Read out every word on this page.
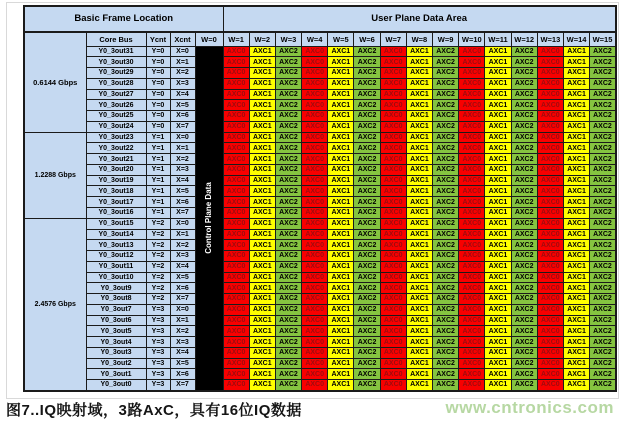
Basic Frame Location					User Plane Data Area														
0.6144 Gbps	Core Bus	Ycnt	Xcnt	W=0	W=1	W=2	W=3	W=4	W=5	W=6	W=7	W=8	W=9	W=10	W=11	W=12	W=13	W=14	W=15
	Y0_3out31	Y=0	X=0	Control Plane Data	AXC0	AXC1	AXC2	AXC0	AXC1	AXC2	AXC0	AXC1	AXC2	AXC0	AXC1	AXC2	AXC0	AXC1	AXC2
	Y0_3out30	Y=0	X=1		AXC0	AXC1	AXC2	AXC0	AXC1	AXC2	AXC0	AXC1	AXC2	AXC0	AXC1	AXC2	AXC0	AXC1	AXC2
	Y0_3out29	Y=0	X=2		AXC0	AXC1	AXC2	AXC0	AXC1	AXC2	AXC0	AXC1	AXC2	AXC0	AXC1	AXC2	AXC0	AXC1	AXC2
	Y0_3out28	Y=0	X=3		AXC0	AXC1	AXC2	AXC0	AXC1	AXC2	AXC0	AXC1	AXC2	AXC0	AXC1	AXC2	AXC0	AXC1	AXC2
	Y0_3out27	Y=0	X=4		AXC0	AXC1	AXC2	AXC0	AXC1	AXC2	AXC0	AXC1	AXC2	AXC0	AXC1	AXC2	AXC0	AXC1	AXC2
	Y0_3out26	Y=0	X=5		AXC0	AXC1	AXC2	AXC0	AXC1	AXC2	AXC0	AXC1	AXC2	AXC0	AXC1	AXC2	AXC0	AXC1	AXC2
	Y0_3out25	Y=0	X=6		AXC0	AXC1	AXC2	AXC0	AXC1	AXC2	AXC0	AXC1	AXC2	AXC0	AXC1	AXC2	AXC0	AXC1	AXC2
	Y0_3out24	Y=0	X=7		AXC0	AXC1	AXC2	AXC0	AXC1	AXC2	AXC0	AXC1	AXC2	AXC0	AXC1	AXC2	AXC0	AXC1	AXC2
1.2288 Gbps	Y0_3out23	Y=1	X=0		AXC0	AXC1	AXC2	AXC0	AXC1	AXC2	AXC0	AXC1	AXC2	AXC0	AXC1	AXC2	AXC0	AXC1	AXC2
	Y0_3out22	Y=1	X=1		AXC0	AXC1	AXC2	AXC0	AXC1	AXC2	AXC0	AXC1	AXC2	AXC0	AXC1	AXC2	AXC0	AXC1	AXC2
	Y0_3out21	Y=1	X=2		AXC0	AXC1	AXC2	AXC0	AXC1	AXC2	AXC0	AXC1	AXC2	AXC0	AXC1	AXC2	AXC0	AXC1	AXC2
	Y0_3out20	Y=1	X=3		AXC0	AXC1	AXC2	AXC0	AXC1	AXC2	AXC0	AXC1	AXC2	AXC0	AXC1	AXC2	AXC0	AXC1	AXC2
	Y0_3out19	Y=1	X=4		AXC0	AXC1	AXC2	AXC0	AXC1	AXC2	AXC0	AXC1	AXC2	AXC0	AXC1	AXC2	AXC0	AXC1	AXC2
	Y0_3out18	Y=1	X=5		AXC0	AXC1	AXC2	AXC0	AXC1	AXC2	AXC0	AXC1	AXC2	AXC0	AXC1	AXC2	AXC0	AXC1	AXC2
	Y0_3out17	Y=1	X=6		AXC0	AXC1	AXC2	AXC0	AXC1	AXC2	AXC0	AXC1	AXC2	AXC0	AXC1	AXC2	AXC0	AXC1	AXC2
	Y0_3out16	Y=1	X=7		AXC0	AXC1	AXC2	AXC0	AXC1	AXC2	AXC0	AXC1	AXC2	AXC0	AXC1	AXC2	AXC0	AXC1	AXC2
2.4576 Gbps	Y0_3out15	Y=2	X=0		AXC0	AXC1	AXC2	AXC0	AXC1	AXC2	AXC0	AXC1	AXC2	AXC0	AXC1	AXC2	AXC0	AXC1	AXC2
	Y0_3out14	Y=2	X=1		AXC0	AXC1	AXC2	AXC0	AXC1	AXC2	AXC0	AXC1	AXC2	AXC0	AXC1	AXC2	AXC0	AXC1	AXC2
	Y0_3out13	Y=2	X=2		AXC0	AXC1	AXC2	AXC0	AXC1	AXC2	AXC0	AXC1	AXC2	AXC0	AXC1	AXC2	AXC0	AXC1	AXC2
	Y0_3out12	Y=2	X=3		AXC0	AXC1	AXC2	AXC0	AXC1	AXC2	AXC0	AXC1	AXC2	AXC0	AXC1	AXC2	AXC0	AXC1	AXC2
	Y0_3out11	Y=2	X=4		AXC0	AXC1	AXC2	AXC0	AXC1	AXC2	AXC0	AXC1	AXC2	AXC0	AXC1	AXC2	AXC0	AXC1	AXC2
	Y0_3out10	Y=2	X=5		AXC0	AXC1	AXC2	AXC0	AXC1	AXC2	AXC0	AXC1	AXC2	AXC0	AXC1	AXC2	AXC0	AXC1	AXC2
	Y0_3out9	Y=2	X=6		AXC0	AXC1	AXC2	AXC0	AXC1	AXC2	AXC0	AXC1	AXC2	AXC0	AXC1	AXC2	AXC0	AXC1	AXC2
	Y0_3out8	Y=2	X=7		AXC0	AXC1	AXC2	AXC0	AXC1	AXC2	AXC0	AXC1	AXC2	AXC0	AXC1	AXC2	AXC0	AXC1	AXC2
	Y0_3out7	Y=3	X=0		AXC0	AXC1	AXC2	AXC0	AXC1	AXC2	AXC0	AXC1	AXC2	AXC0	AXC1	AXC2	AXC0	AXC1	AXC2
	Y0_3out6	Y=3	X=1		AXC0	AXC1	AXC2	AXC0	AXC1	AXC2	AXC0	AXC1	AXC2	AXC0	AXC1	AXC2	AXC0	AXC1	AXC2
	Y0_3out5	Y=3	X=2		AXC0	AXC1	AXC2	AXC0	AXC1	AXC2	AXC0	AXC1	AXC2	AXC0	AXC1	AXC2	AXC0	AXC1	AXC2
	Y0_3out4	Y=3	X=3		AXC0	AXC1	AXC2	AXC0	AXC1	AXC2	AXC0	AXC1	AXC2	AXC0	AXC1	AXC2	AXC0	AXC1	AXC2
	Y0_3out3	Y=3	X=4		AXC0	AXC1	AXC2	AXC0	AXC1	AXC2	AXC0	AXC1	AXC2	AXC0	AXC1	AXC2	AXC0	AXC1	AXC2
	Y0_3out2	Y=3	X=5		AXC0	AXC1	AXC2	AXC0	AXC1	AXC2	AXC0	AXC1	AXC2	AXC0	AXC1	AXC2	AXC0	AXC1	AXC2
	Y0_3out1	Y=3	X=6		AXC0	AXC1	AXC2	AXC0	AXC1	AXC2	AXC0	AXC1	AXC2	AXC0	AXC1	AXC2	AXC0	AXC1	AXC2
	Y0_3out0	Y=3	X=7		AXC0	AXC1	AXC2	AXC0	AXC1	AXC2	AXC0	AXC1	AXC2	AXC0	AXC1	AXC2	AXC0	AXC1	AXC2
图7..IQ映射域，3路AxC，具有16位IQ数据	www.cntronics.com
